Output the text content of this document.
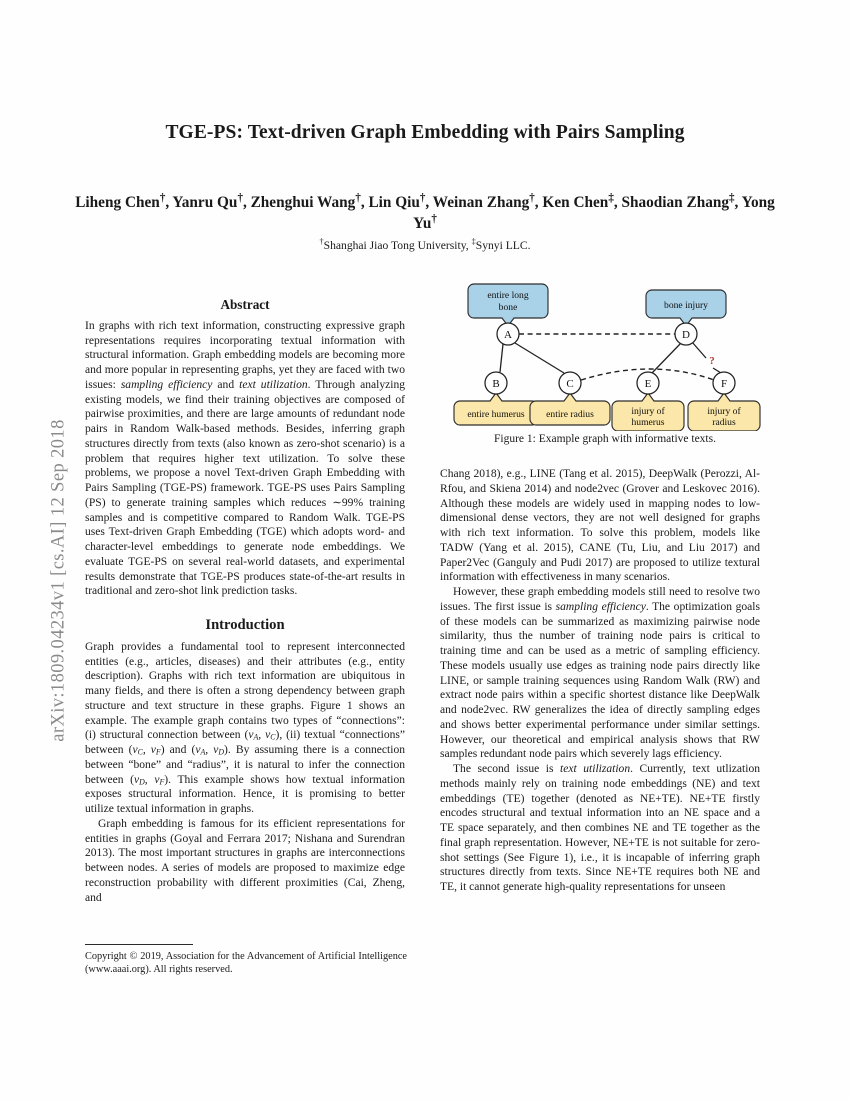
arXiv:1809.04234v1 [cs.AI] 12 Sep 2018
TGE-PS: Text-driven Graph Embedding with Pairs Sampling
Liheng Chen†, Yanru Qu†, Zhenghui Wang†, Lin Qiu†, Weinan Zhang†, Ken Chen‡, Shaodian Zhang‡, Yong Yu†
†Shanghai Jiao Tong University, ‡Synyi LLC.
Abstract

In graphs with rich text information, constructing expressive graph representations requires incorporating textual information with structural information. Graph embedding models are becoming more and more popular in representing graphs, yet they are faced with two issues: sampling efficiency and text utilization. Through analyzing existing models, we find their training objectives are composed of pairwise proximities, and there are large amounts of redundant node pairs in Random Walk-based methods. Besides, inferring graph structures directly from texts (also known as zero-shot scenario) is a problem that requires higher text utilization. To solve these problems, we propose a novel Text-driven Graph Embedding with Pairs Sampling (TGE-PS) framework. TGE-PS uses Pairs Sampling (PS) to generate training samples which reduces ∼99% training samples and is competitive compared to Random Walk. TGE-PS uses Text-driven Graph Embedding (TGE) which adopts word- and character-level embeddings to generate node embeddings. We evaluate TGE-PS on several real-world datasets, and experimental results demonstrate that TGE-PS produces state-of-the-art results in traditional and zero-shot link prediction tasks.

Introduction

Graph provides a fundamental tool to represent interconnected entities (e.g., articles, diseases) and their attributes (e.g., entity description). Graphs with rich text information are ubiquitous in many fields, and there is often a strong dependency between graph structure and text structure in these graphs. Figure 1 shows an example. The example graph contains two types of “connections”: (i) structural connection between ($v_A$, $v_C$), (ii) textual “connections” between ($v_C$, $v_F$) and ($v_A$, $v_D$). By assuming there is a connection between “bone” and “radius”, it is natural to infer the connection between ($v_D$, $v_F$). This example shows how textual information exposes structural information. Hence, it is promising to better utilize textual information in graphs.

Graph embedding is famous for its efficient representations for entities in graphs (Goyal and Ferrara 2017; Nishana and Surendran 2013). The most important structures in graphs are interconnections between nodes. A series of models are proposed to maximize edge reconstruction probability with different proximities (Cai, Zheng, and

Copyright © 2019, Association for the Advancement of Artificial Intelligence (www.aaai.org). All rights reserved.
?
entire long
bone	bone injury
entire humerus entire radius	injury of
humerus
injury of
radius
A
B	C
D
E	F
Figure 1: Example graph with informative texts.

Chang 2018), e.g., LINE (Tang et al. 2015), DeepWalk (Perozzi, Al-Rfou, and Skiena 2014) and node2vec (Grover and Leskovec 2016). Although these models are widely used in mapping nodes to low-dimensional dense vectors, they are not well designed for graphs with rich text information. To solve this problem, models like TADW (Yang et al. 2015), CANE (Tu, Liu, and Liu 2017) and Paper2Vec (Ganguly and Pudi 2017) are proposed to utilize textural information with effectiveness in many scenarios.

However, these graph embedding models still need to resolve two issues. The first issue is sampling efficiency. The optimization goals of these models can be summarized as maximizing pairwise node similarity, thus the number of training node pairs is critical to training time and can be used as a metric of sampling efficiency. These models usually use edges as training node pairs directly like LINE, or sample training sequences using Random Walk (RW) and extract node pairs within a specific shortest distance like DeepWalk and node2vec. RW generalizes the idea of directly sampling edges and shows better experimental performance under similar settings. However, our theoretical and empirical analysis shows that RW samples redundant node pairs which severely lags efficiency.

The second issue is text utilization. Currently, text utlization methods mainly rely on training node embeddings (NE) and text embeddings (TE) together (denoted as NE+TE). NE+TE firstly encodes structural and textual information into an NE space and a TE space separately, and then combines NE and TE together as the final graph representation. However, NE+TE is not suitable for zero-shot settings (See Figure 1), i.e., it is incapable of inferring graph structures directly from texts. Since NE+TE requires both NE and TE, it cannot generate high-quality representations for unseen
